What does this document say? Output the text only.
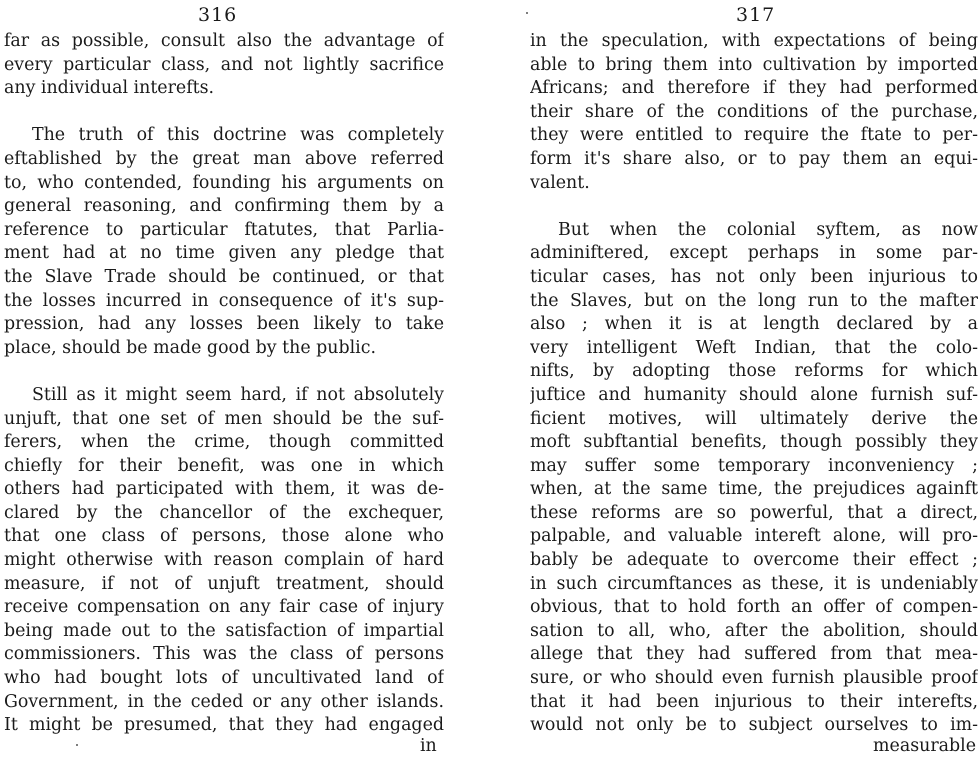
316
far as possible, consult also the advantage of
every particular class, and not lightly sacrifice
any individual interefts.
The truth of this doctrine was completely
eftablished by the great man above referred
to, who contended, founding his arguments on
general reasoning, and confirming them by a
reference to particular ftatutes, that Parlia-
ment had at no time given any pledge that
the Slave Trade should be continued, or that
the losses incurred in consequence of it's sup-
pression, had any losses been likely to take
place, should be made good by the public.
Still as it might seem hard, if not absolutely
unjuft, that one set of men should be the suf-
ferers, when the crime, though committed
chiefly for their benefit, was one in which
others had participated with them, it was de-
clared by the chancellor of the exchequer,
that one class of persons, those alone who
might otherwise with reason complain of hard
measure, if not of unjuft treatment, should
receive compensation on any fair case of injury
being made out to the satisfaction of impartial
commissioners. This was the class of persons
who had bought lots of uncultivated land of
Government, in the ceded or any other islands.
It might be presumed, that they had engaged
in
317
in the speculation, with expectations of being
able to bring them into cultivation by imported
Africans; and therefore if they had performed
their share of the conditions of the purchase,
they were entitled to require the ftate to per-
form it's share also, or to pay them an equi-
valent.
But when the colonial syftem, as now
adminiftered, except perhaps in some par-
ticular cases, has not only been injurious to
the Slaves, but on the long run to the mafter
also ; when it is at length declared by a
very intelligent Weft Indian, that the colo-
nifts, by adopting those reforms for which
juftice and humanity should alone furnish suf-
ficient motives, will ultimately derive the
moft subftantial benefits, though possibly they
may suffer some temporary inconveniency ;
when, at the same time, the prejudices againft
these reforms are so powerful, that a direct,
palpable, and valuable intereft alone, will pro-
bably be adequate to overcome their effect ;
in such circumftances as these, it is undeniably
obvious, that to hold forth an offer of compen-
sation to all, who, after the abolition, should
allege that they had suffered from that mea-
sure, or who should even furnish plausible proof
that it had been injurious to their interefts,
would not only be to subject ourselves to im-
measurable
